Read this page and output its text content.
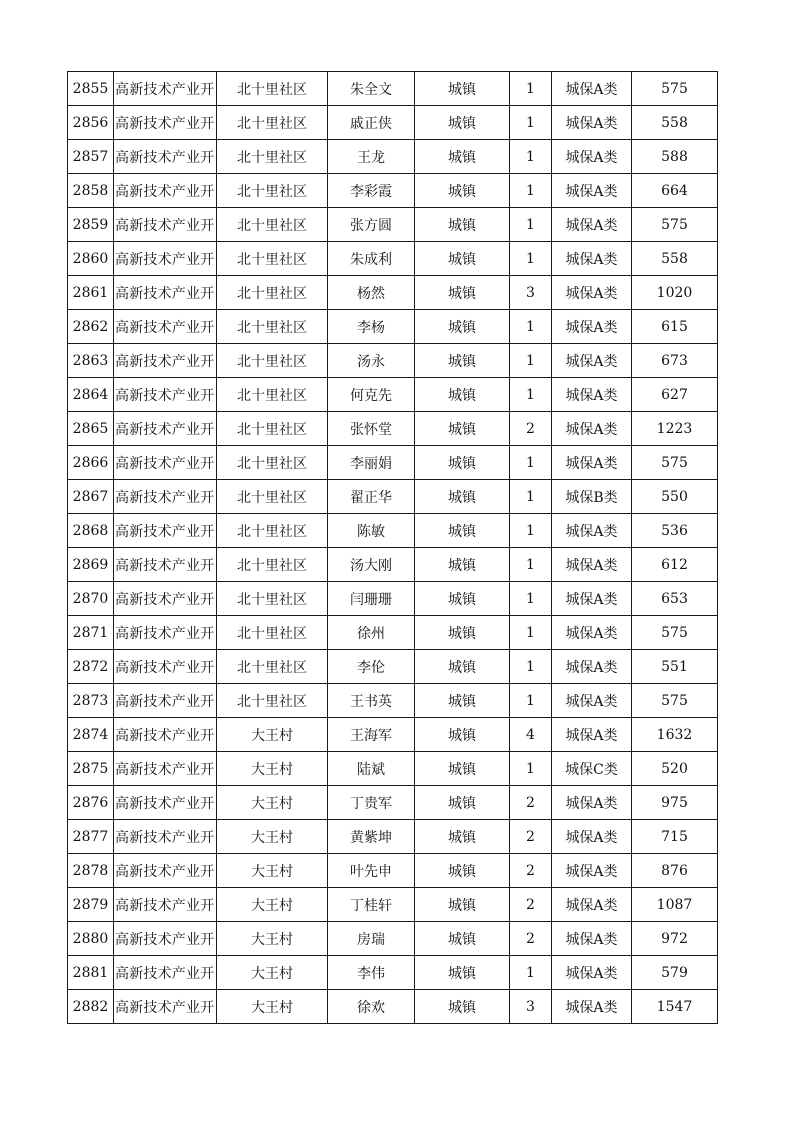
2855	高新技术产业开	北十里社区	朱全文	城镇	1	城保A类	575
2856	高新技术产业开	北十里社区	戚正侠	城镇	1	城保A类	558
2857	高新技术产业开	北十里社区	王龙	城镇	1	城保A类	588
2858	高新技术产业开	北十里社区	李彩霞	城镇	1	城保A类	664
2859	高新技术产业开	北十里社区	张方圆	城镇	1	城保A类	575
2860	高新技术产业开	北十里社区	朱成利	城镇	1	城保A类	558
2861	高新技术产业开	北十里社区	杨然	城镇	3	城保A类	1020
2862	高新技术产业开	北十里社区	李杨	城镇	1	城保A类	615
2863	高新技术产业开	北十里社区	汤永	城镇	1	城保A类	673
2864	高新技术产业开	北十里社区	何克先	城镇	1	城保A类	627
2865	高新技术产业开	北十里社区	张怀堂	城镇	2	城保A类	1223
2866	高新技术产业开	北十里社区	李丽娟	城镇	1	城保A类	575
2867	高新技术产业开	北十里社区	翟正华	城镇	1	城保B类	550
2868	高新技术产业开	北十里社区	陈敏	城镇	1	城保A类	536
2869	高新技术产业开	北十里社区	汤大刚	城镇	1	城保A类	612
2870	高新技术产业开	北十里社区	闫珊珊	城镇	1	城保A类	653
2871	高新技术产业开	北十里社区	徐州	城镇	1	城保A类	575
2872	高新技术产业开	北十里社区	李伦	城镇	1	城保A类	551
2873	高新技术产业开	北十里社区	王书英	城镇	1	城保A类	575
2874	高新技术产业开	大王村	王海军	城镇	4	城保A类	1632
2875	高新技术产业开	大王村	陆斌	城镇	1	城保C类	520
2876	高新技术产业开	大王村	丁贵军	城镇	2	城保A类	975
2877	高新技术产业开	大王村	黄紫坤	城镇	2	城保A类	715
2878	高新技术产业开	大王村	叶先申	城镇	2	城保A类	876
2879	高新技术产业开	大王村	丁桂轩	城镇	2	城保A类	1087
2880	高新技术产业开	大王村	房瑞	城镇	2	城保A类	972
2881	高新技术产业开	大王村	李伟	城镇	1	城保A类	579
2882	高新技术产业开	大王村	徐欢	城镇	3	城保A类	1547
